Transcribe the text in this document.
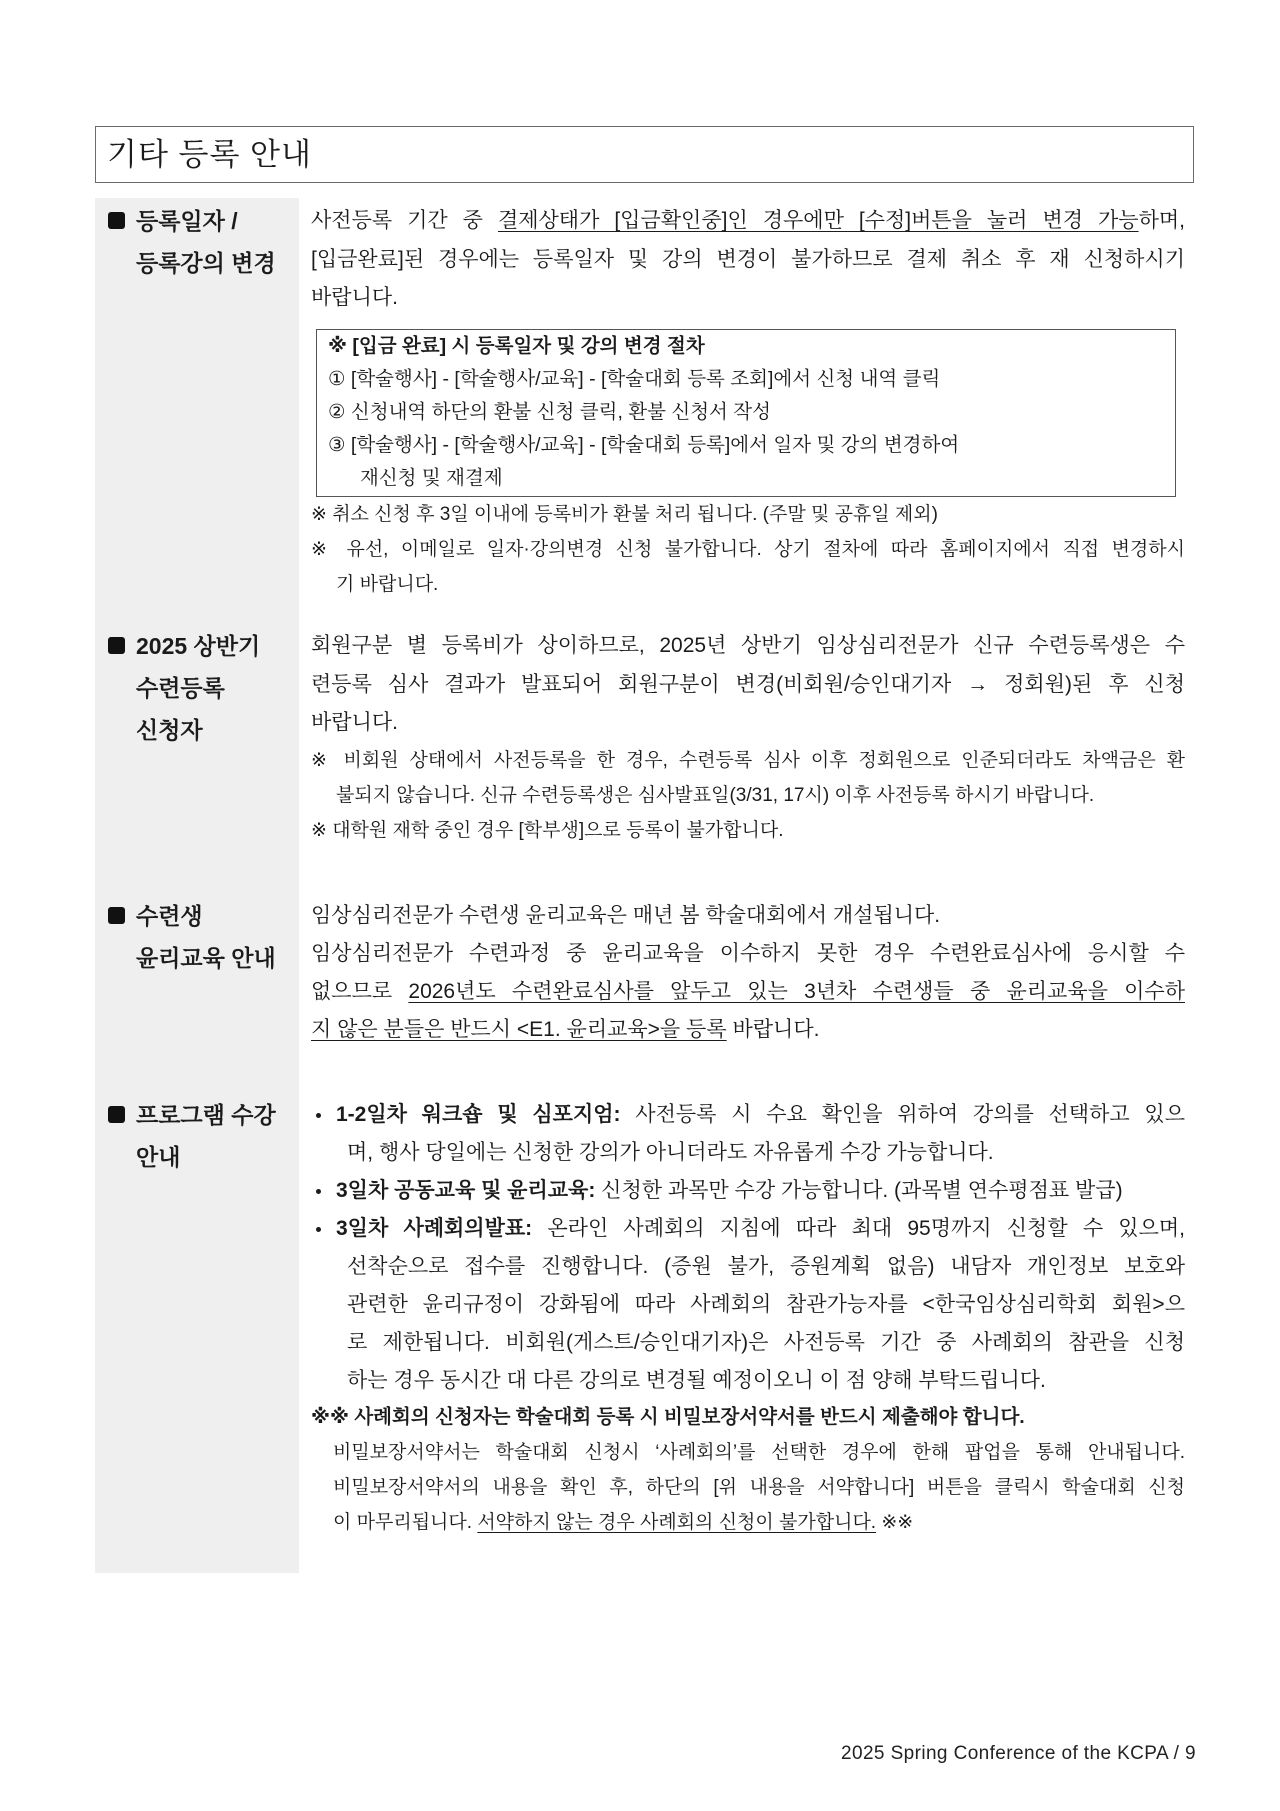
기타 등록 안내
등록일자 /
등록강의 변경
사전등록 기간 중 결제상태가 [입금확인중]인 경우에만 [수정]버튼을 눌러 변경 가능하며,
[입금완료]된 경우에는 등록일자 및 강의 변경이 불가하므로 결제 취소 후 재 신청하시기
바랍니다.
※ [입금 완료] 시 등록일자 및 강의 변경 절차
① [학술행사] - [학술행사/교육] - [학술대회 등록 조회]에서 신청 내역 클릭
② 신청내역 하단의 환불 신청 클릭, 환불 신청서 작성
③ [학술행사] - [학술행사/교육] - [학술대회 등록]에서 일자 및 강의 변경하여
재신청 및 재결제
※ 취소 신청 후 3일 이내에 등록비가 환불 처리 됩니다. (주말 및 공휴일 제외)
※ 유선, 이메일로 일자·강의변경 신청 불가합니다. 상기 절차에 따라 홈페이지에서 직접 변경하시
기 바랍니다.
2025 상반기
수련등록
신청자
회원구분 별 등록비가 상이하므로, 2025년 상반기 임상심리전문가 신규 수련등록생은 수
련등록 심사 결과가 발표되어 회원구분이 변경(비회원/승인대기자 → 정회원)된 후 신청
바랍니다.
※ 비회원 상태에서 사전등록을 한 경우, 수련등록 심사 이후 정회원으로 인준되더라도 차액금은 환
불되지 않습니다. 신규 수련등록생은 심사발표일(3/31, 17시) 이후 사전등록 하시기 바랍니다.
※ 대학원 재학 중인 경우 [학부생]으로 등록이 불가합니다.
수련생
윤리교육 안내
임상심리전문가 수련생 윤리교육은 매년 봄 학술대회에서 개설됩니다.
임상심리전문가 수련과정 중 윤리교육을 이수하지 못한 경우 수련완료심사에 응시할 수
없으므로 2026년도 수련완료심사를 앞두고 있는 3년차 수련생들 중 윤리교육을 이수하
지 않은 분들은 반드시 <E1. 윤리교육>을 등록 바랍니다.
프로그램 수강
안내
1-2일차 워크숍 및 심포지엄: 사전등록 시 수요 확인을 위하여 강의를 선택하고 있으
며, 행사 당일에는 신청한 강의가 아니더라도 자유롭게 수강 가능합니다.
3일차 공동교육 및 윤리교육: 신청한 과목만 수강 가능합니다. (과목별 연수평점표 발급)
3일차 사례회의발표: 온라인 사례회의 지침에 따라 최대 95명까지 신청할 수 있으며,
선착순으로 접수를 진행합니다. (증원 불가, 증원계획 없음) 내담자 개인정보 보호와
관련한 윤리규정이 강화됨에 따라 사례회의 참관가능자를 <한국임상심리학회 회원>으
로 제한됩니다. 비회원(게스트/승인대기자)은 사전등록 기간 중 사례회의 참관을 신청
하는 경우 동시간 대 다른 강의로 변경될 예정이오니 이 점 양해 부탁드립니다.
※※ 사례회의 신청자는 학술대회 등록 시 비밀보장서약서를 반드시 제출해야 합니다.
비밀보장서약서는 학술대회 신청시 ‘사례회의’를 선택한 경우에 한해 팝업을 통해 안내됩니다.
비밀보장서약서의 내용을 확인 후, 하단의 [위 내용을 서약합니다] 버튼을 클릭시 학술대회 신청
이 마무리됩니다. 서약하지 않는 경우 사례회의 신청이 불가합니다. ※※
2025 Spring Conference of the KCPA / 9
